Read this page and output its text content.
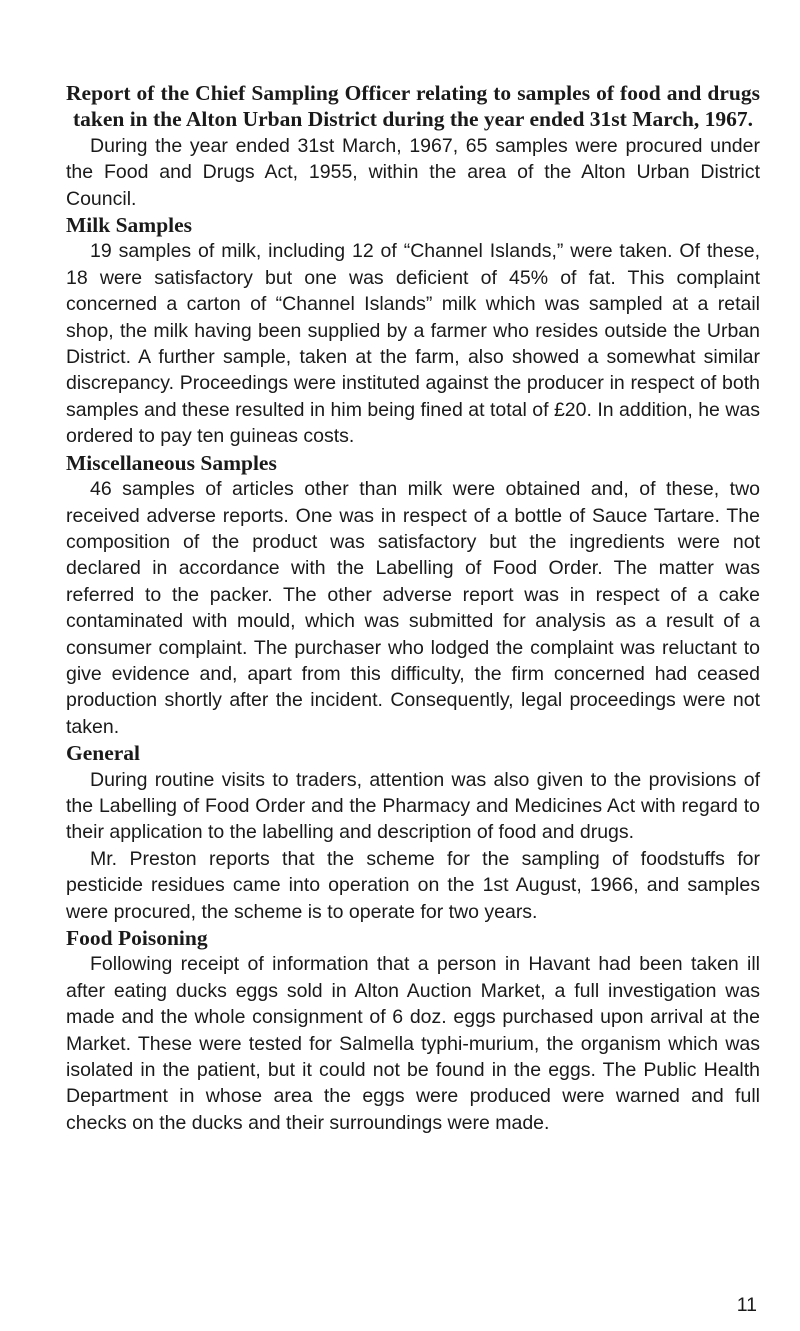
Report of the Chief Sampling Officer relating to samples of food and drugs taken in the Alton Urban District during the year ended 31st March, 1967.

During the year ended 31st March, 1967, 65 samples were procured under the Food and Drugs Act, 1955, within the area of the Alton Urban District Council.

Milk Samples

19 samples of milk, including 12 of “Channel Islands,” were taken. Of these, 18 were satisfactory but one was deficient of 45% of fat. This complaint concerned a carton of “Channel Islands” milk which was sampled at a retail shop, the milk having been supplied by a farmer who resides outside the Urban District. A further sample, taken at the farm, also showed a somewhat similar discrepancy. Proceedings were instituted against the producer in respect of both samples and these resulted in him being fined at total of £20. In addition, he was ordered to pay ten guineas costs.

Miscellaneous Samples

46 samples of articles other than milk were obtained and, of these, two received adverse reports. One was in respect of a bottle of Sauce Tartare. The composition of the product was satisfactory but the ingredients were not declared in accordance with the Labelling of Food Order. The matter was referred to the packer. The other adverse report was in respect of a cake contaminated with mould, which was submitted for analysis as a result of a consumer complaint. The purchaser who lodged the complaint was reluctant to give evidence and, apart from this difficulty, the firm concerned had ceased production shortly after the incident. Consequently, legal proceedings were not taken.

General

During routine visits to traders, attention was also given to the provisions of the Labelling of Food Order and the Pharmacy and Medicines Act with regard to their application to the labelling and description of food and drugs.

Mr. Preston reports that the scheme for the sampling of foodstuffs for pesticide residues came into operation on the 1st August, 1966, and samples were procured, the scheme is to operate for two years.

Food Poisoning

Following receipt of information that a person in Havant had been taken ill after eating ducks eggs sold in Alton Auction Market, a full investigation was made and the whole consignment of 6 doz. eggs purchased upon arrival at the Market. These were tested for Salmella typhi-murium, the organism which was isolated in the patient, but it could not be found in the eggs. The Public Health Department in whose area the eggs were produced were warned and full checks on the ducks and their surroundings were made.

11
